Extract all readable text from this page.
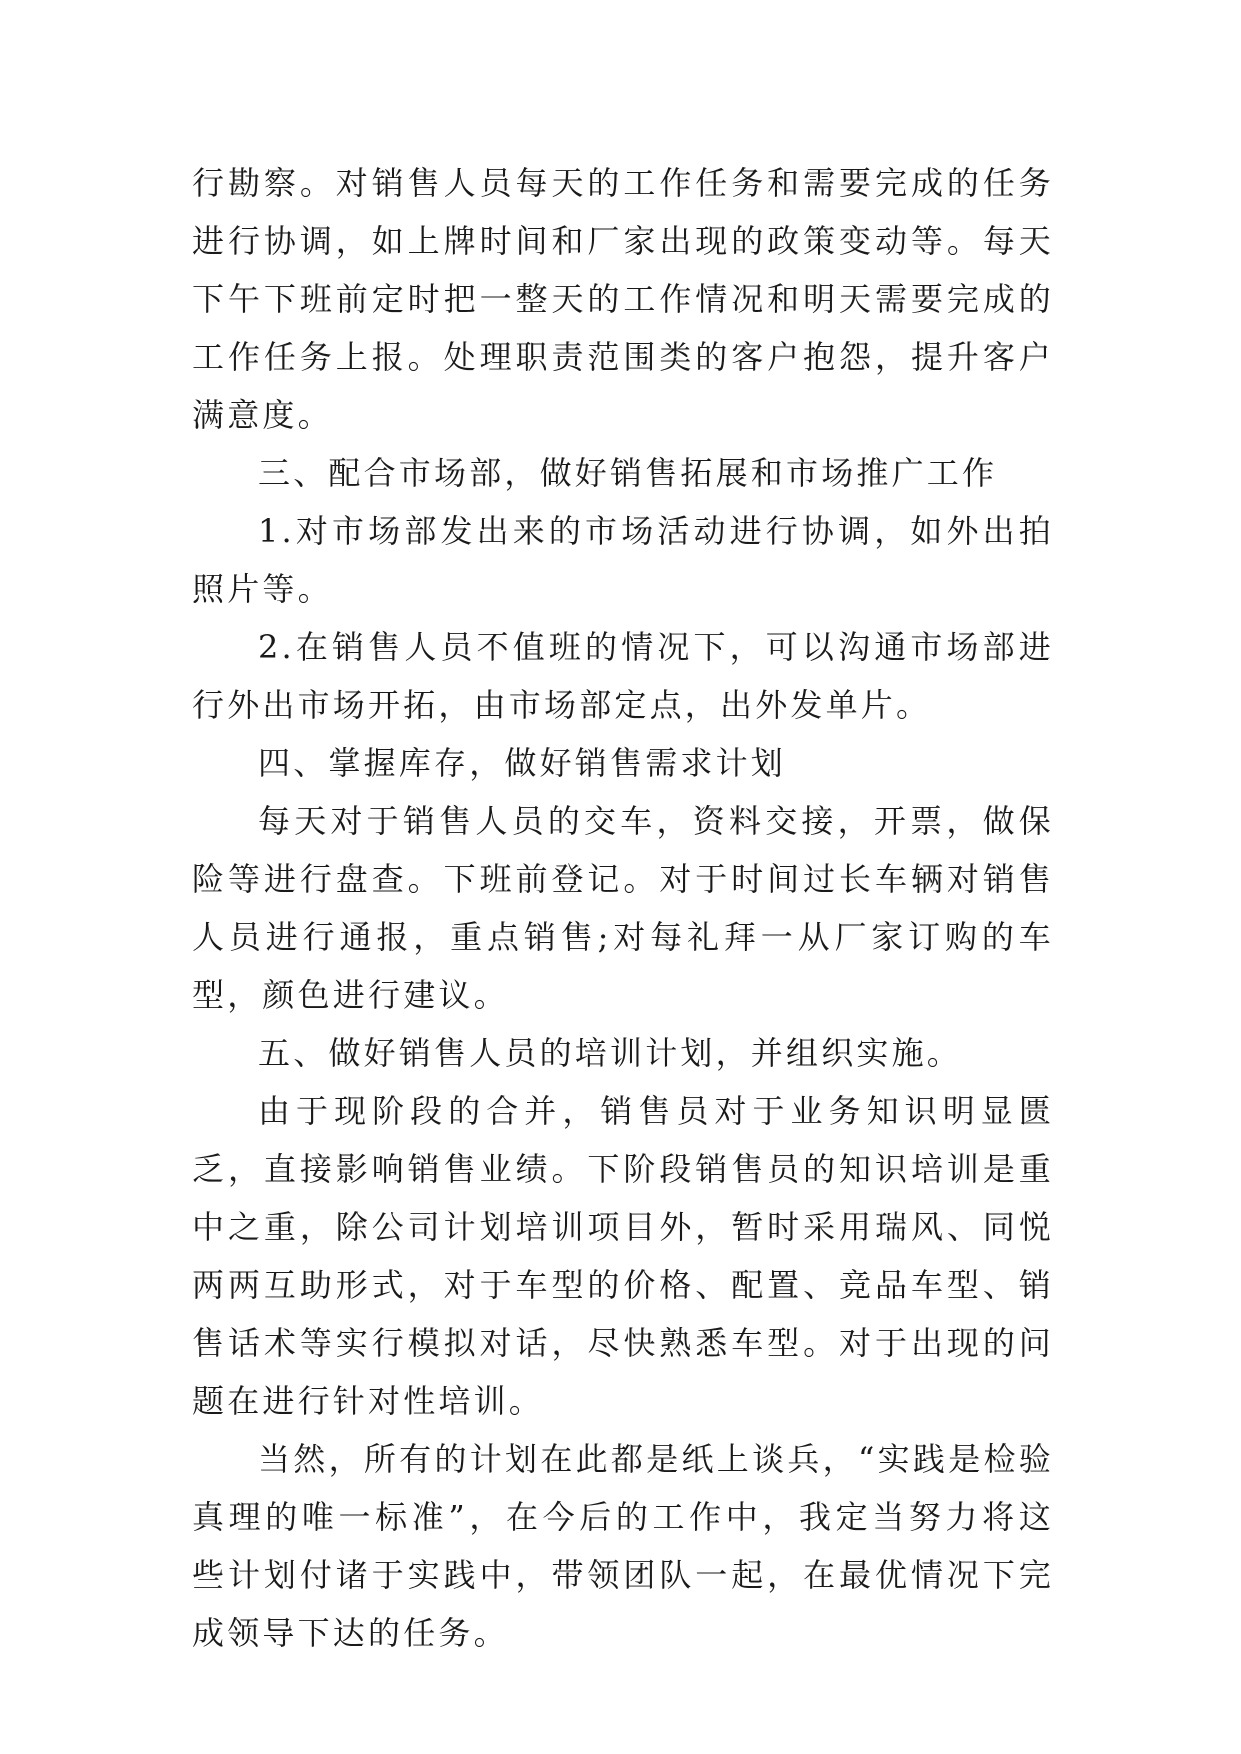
行勘察。对销售人员每天的工作任务和需要完成的任务进行协调，如上牌时间和厂家出现的政策变动等。每天下午下班前定时把一整天的工作情况和明天需要完成的工作任务上报。处理职责范围类的客户抱怨，提升客户满意度。

三、配合市场部，做好销售拓展和市场推广工作

1.对市场部发出来的市场活动进行协调，如外出拍照片等。

2.在销售人员不值班的情况下，可以沟通市场部进行外出市场开拓，由市场部定点，出外发单片。

四、掌握库存，做好销售需求计划

每天对于销售人员的交车，资料交接，开票，做保险等进行盘查。下班前登记。对于时间过长车辆对销售人员进行通报，重点销售;对每礼拜一从厂家订购的车型，颜色进行建议。

五、做好销售人员的培训计划，并组织实施。

由于现阶段的合并，销售员对于业务知识明显匮乏，直接影响销售业绩。下阶段销售员的知识培训是重中之重，除公司计划培训项目外，暂时采用瑞风、同悦两两互助形式，对于车型的价格、配置、竞品车型、销售话术等实行模拟对话，尽快熟悉车型。对于出现的问题在进行针对性培训。

当然，所有的计划在此都是纸上谈兵，“实践是检验真理的唯一标准”，在今后的工作中，我定当努力将这些计划付诸于实践中，带领团队一起，在最优情况下完成领导下达的任务。
